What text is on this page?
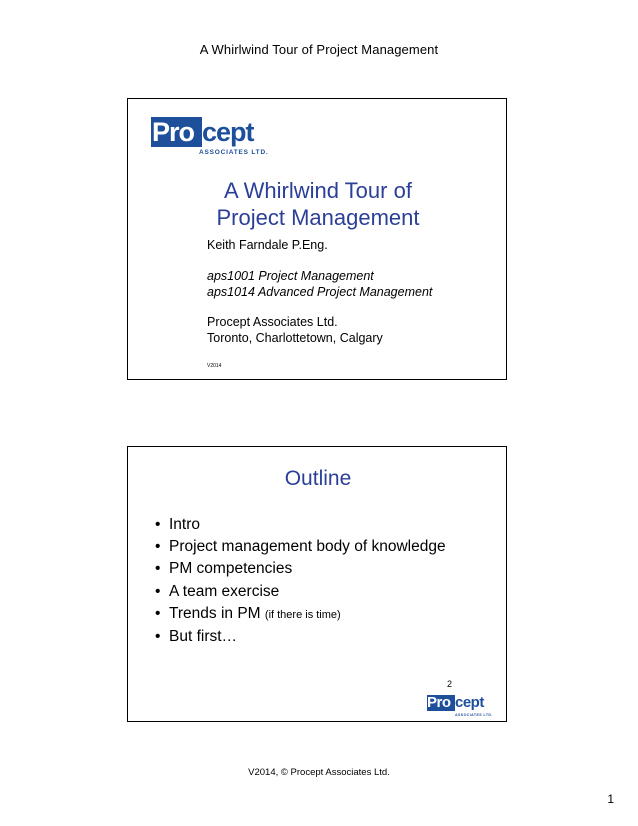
A Whirlwind Tour of Project Management
Pro cept
ASSOCIATES LTD.
A Whirlwind Tour of
Project Management
Keith Farndale P.Eng.
aps1001 Project Management
aps1014 Advanced Project Management
Procept Associates Ltd.
Toronto, Charlottetown, Calgary
V2014
Outline
• Intro
• Project management body of knowledge
• PM competencies
• A team exercise
• Trends in PM (if there is time)
• But first…
2
Pro cept
ASSOCIATES LTD.
V2014, © Procept Associates Ltd.
1
